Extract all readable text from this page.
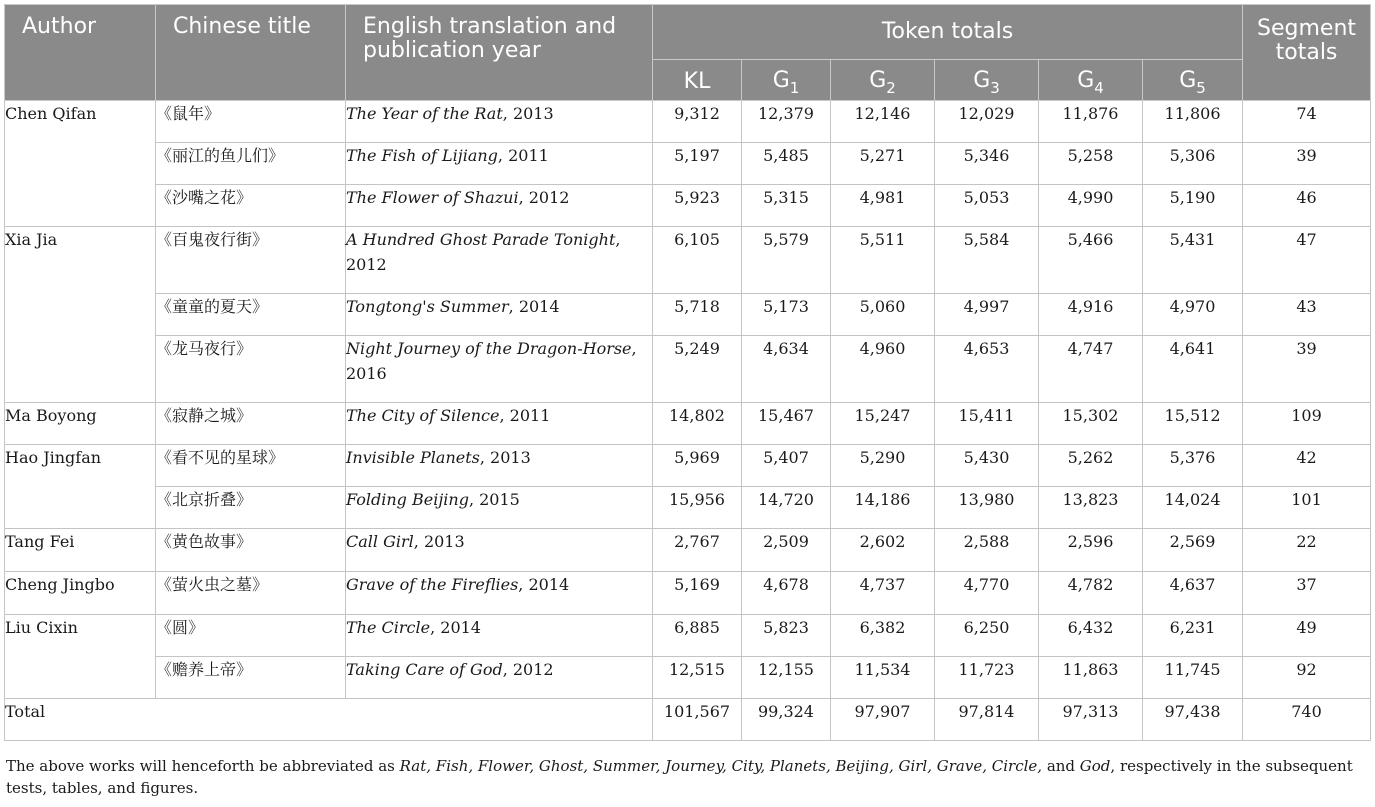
Author	Chinese title	English translation and publication year	Token totals						Segment totals
			KL	$G_1$	$G_2$	$G_3$	$G_4$	$G_5$
Chen Qifan	《鼠年》	The Year of the Rat, 2013	9,312	12,379	12,146	12,029	11,876	11,806	74
	《丽江的鱼儿们》	The Fish of Lijiang, 2011	5,197	5,485	5,271	5,346	5,258	5,306	39
	《沙嘴之花》	The Flower of Shazui, 2012	5,923	5,315	4,981	5,053	4,990	5,190	46
Xia Jia	《百鬼夜行街》	A Hundred Ghost Parade Tonight, 2012	6,105	5,579	5,511	5,584	5,466	5,431	47
	《童童的夏天》	Tongtong's Summer, 2014	5,718	5,173	5,060	4,997	4,916	4,970	43
	《龙马夜行》	Night Journey of the Dragon-Horse, 2016	5,249	4,634	4,960	4,653	4,747	4,641	39
Ma Boyong	《寂静之城》	The City of Silence, 2011	14,802	15,467	15,247	15,411	15,302	15,512	109
Hao Jingfan	《看不见的星球》	Invisible Planets, 2013	5,969	5,407	5,290	5,430	5,262	5,376	42
	《北京折叠》	Folding Beijing, 2015	15,956	14,720	14,186	13,980	13,823	14,024	101
Tang Fei	《黄色故事》	Call Girl, 2013	2,767	2,509	2,602	2,588	2,596	2,569	22
Cheng Jingbo	《萤火虫之墓》	Grave of the Fireflies, 2014	5,169	4,678	4,737	4,770	4,782	4,637	37
Liu Cixin	《圆》	The Circle, 2014	6,885	5,823	6,382	6,250	6,432	6,231	49
	《赡养上帝》	Taking Care of God, 2012	12,515	12,155	11,534	11,723	11,863	11,745	92
Total			101,567	99,324	97,907	97,814	97,313	97,438	740
The above works will henceforth be abbreviated as Rat, Fish, Flower, Ghost, Summer, Journey, City, Planets, Beijing, Girl, Grave, Circle, and God, respectively in the subsequent tests, tables, and figures.
